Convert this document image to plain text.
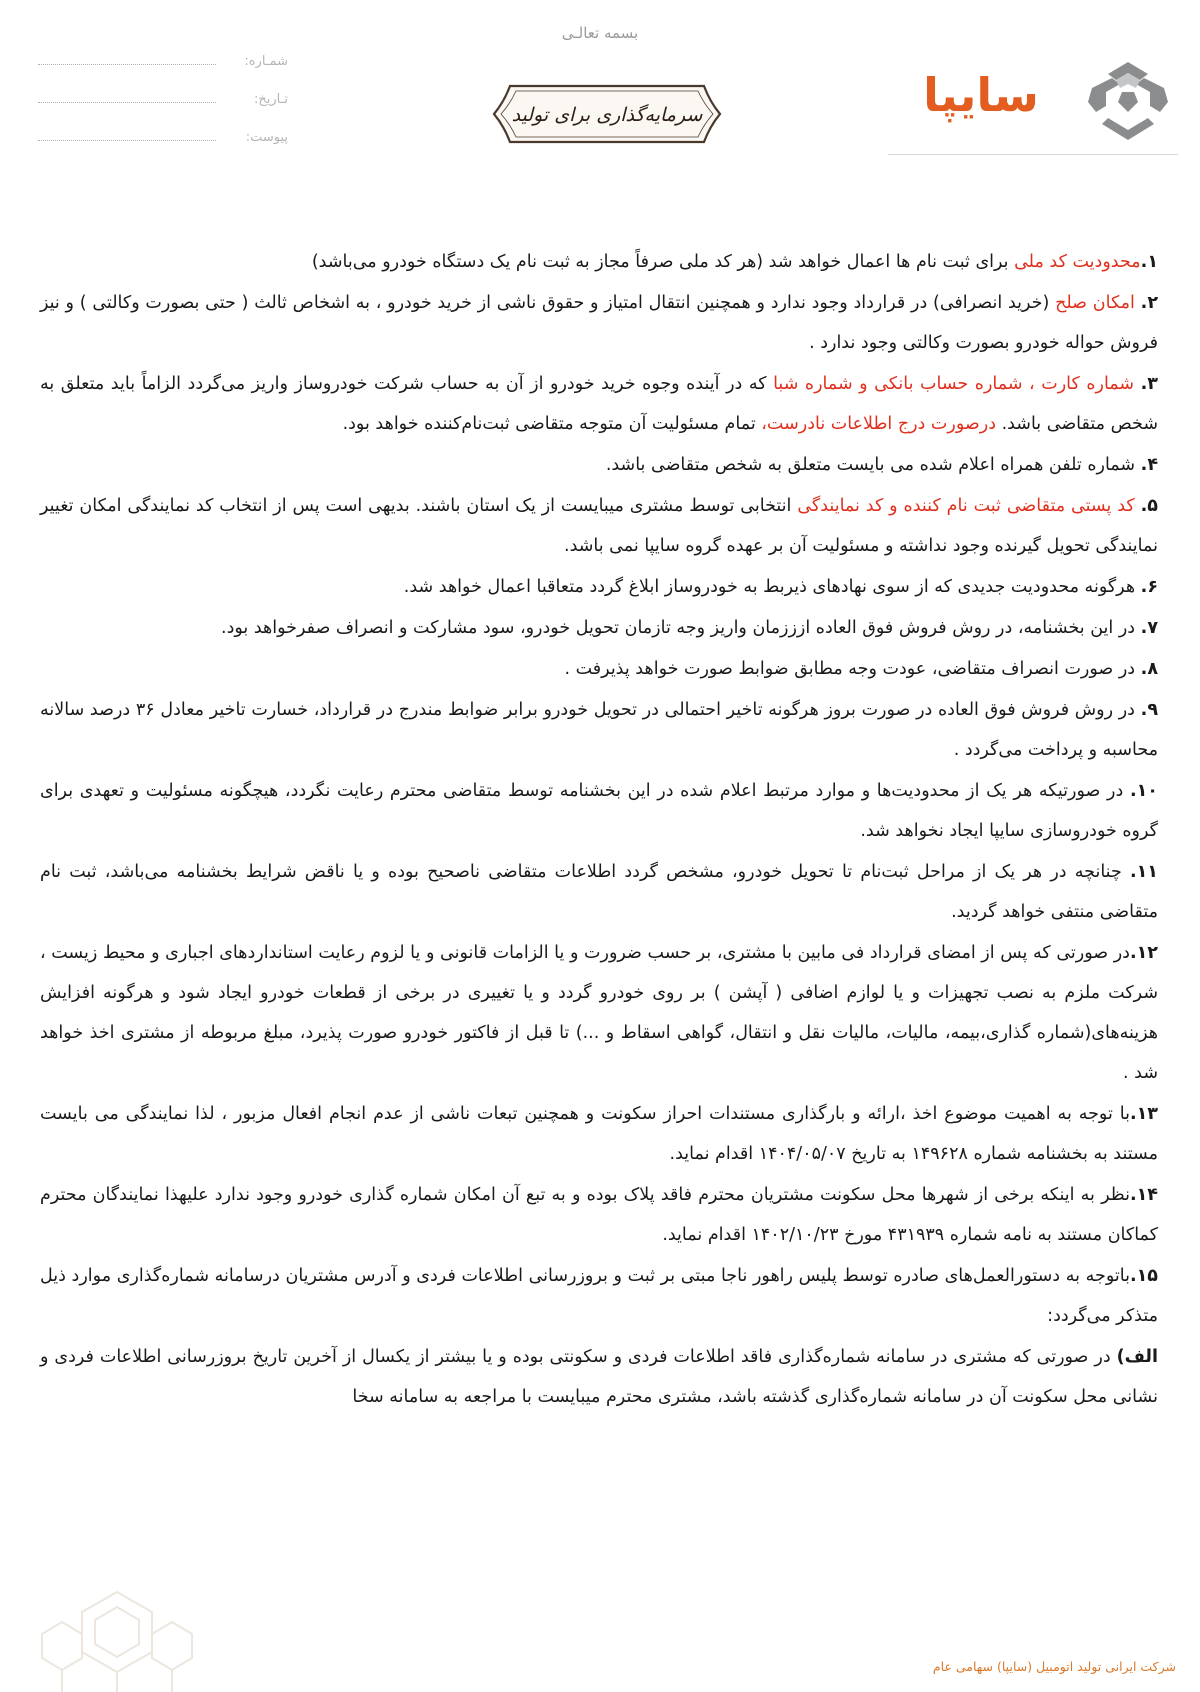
بسمه تعالـی
شمـاره:
تـاریخ:
پیوست:
سرمایه‌گذاری برای تولید	سایپا

۱.محدودیت کد ملی برای ثبت نام ها اعمال خواهد شد (هر کد ملی صرفاً مجاز به ثبت نام یک دستگاه خودرو می‌باشد)

۲. امکان صلح (خرید انصرافی) در قرارداد وجود ندارد و همچنین انتقال امتیاز و حقوق ناشی از خرید خودرو ، به اشخاص ثالث ( حتی بصورت وکالتی ) و نیز فروش حواله خودرو بصورت وکالتی وجود ندارد .

۳. شماره کارت ، شماره حساب بانکی و شماره شبا که در آینده وجوه خرید خودرو از آن به حساب شرکت خودروساز واریز می‌گردد الزاماً باید متعلق به شخص متقاضی باشد. درصورت درج اطلاعات نادرست، تمام مسئولیت آن متوجه متقاضی ثبت‌نام‌کننده خواهد بود.

۴. شماره تلفن همراه اعلام شده می بایست متعلق به شخص متقاضی باشد.

۵. کد پستی متقاضی ثبت نام کننده و کد نمایندگی انتخابی توسط مشتری میبایست از یک استان باشند. بدیهی است پس از انتخاب کد نمایندگی امکان تغییر نمایندگی تحویل گیرنده وجود نداشته و مسئولیت آن بر عهده گروه سایپا نمی باشد.

۶. هرگونه محدودیت جدیدی که از سوی نهادهای ذیربط به خودروساز ابلاغ گردد متعاقبا اعمال خواهد شد.

۷. در این بخشنامه، در روش فروش فوق العاده ازززمان واریز وجه تازمان تحویل خودرو، سود مشارکت و انصراف صفرخواهد بود.

۸. در صورت انصراف متقاضی، عودت وجه مطابق ضوابط صورت خواهد پذیرفت .

۹. در روش فروش فوق العاده در صورت بروز هرگونه تاخیر احتمالی در تحویل خودرو برابر ضوابط مندرج در قرارداد، خسارت تاخیر معادل ۳۶ درصد سالانه محاسبه و پرداخت می‌گردد .

۱۰. در صورتیکه هر یک از محدودیت‌ها و موارد مرتبط اعلام شده در این بخشنامه توسط متقاضی محترم رعایت نگردد، هیچگونه مسئولیت و تعهدی برای گروه خودروسازی سایپا ایجاد نخواهد شد.

۱۱. چنانچه در هر یک از مراحل ثبت‌نام تا تحویل خودرو، مشخص گردد اطلاعات متقاضی ناصحیح بوده و یا ناقض شرایط بخشنامه می‌باشد، ثبت نام متقاضی منتفی خواهد گردید.

۱۲.در صورتی که پس از امضای قرارداد فی مابین با مشتری، بر حسب ضرورت و یا الزامات قانونی و یا لزوم رعایت استانداردهای اجباری و محیط زیست ، شرکت ملزم به نصب تجهیزات و یا لوازم اضافی ( آپشن ) بر روی خودرو گردد و یا تغییری در برخی از قطعات خودرو ایجاد شود و هرگونه افزایش هزینه‌های(شماره گذاری،بیمه، مالیات، مالیات نقل و انتقال، گواهی اسقاط و ...) تا قبل از فاکتور خودرو صورت پذیرد، مبلغ مربوطه از مشتری اخذ خواهد شد .

۱۳.با توجه به اهمیت موضوع اخذ ،ارائه و بارگذاری مستندات احراز سکونت و همچنین تبعات ناشی از عدم انجام افعال مزبور ، لذا نمایندگی می بایست مستند به بخشنامه شماره ۱۴۹۶۲۸ به تاریخ ۱۴۰۴/۰۵/۰۷ اقدام نماید.

۱۴.نظر به اینکه برخی از شهرها محل سکونت مشتریان محترم فاقد پلاک بوده و به تبع آن امکان شماره گذاری خودرو وجود ندارد علیهذا نمایندگان محترم کماکان مستند به نامه شماره ۴۳۱۹۳۹ مورخ ۱۴۰۲/۱۰/۲۳ اقدام نماید.

۱۵.باتوجه به دستورالعمل‌های صادره توسط پلیس راهور ناجا مبتی بر ثبت و بروزرسانی اطلاعات فردی و آدرس مشتریان درسامانه شماره‌گذاری موارد ذیل متذکر می‌گردد:

الف) در صورتی که مشتری در سامانه شماره‌گذاری فاقد اطلاعات فردی و سکونتی بوده و یا بیشتر از یکسال از آخرین تاریخ بروزرسانی اطلاعات فردی و نشانی محل سکونت آن در سامانه شماره‌گذاری گذشته باشد، مشتری محترم میبایست با مراجعه به سامانه سخا

شرکت ایرانی تولید اتومبیل (سایپا) سهامی عام
